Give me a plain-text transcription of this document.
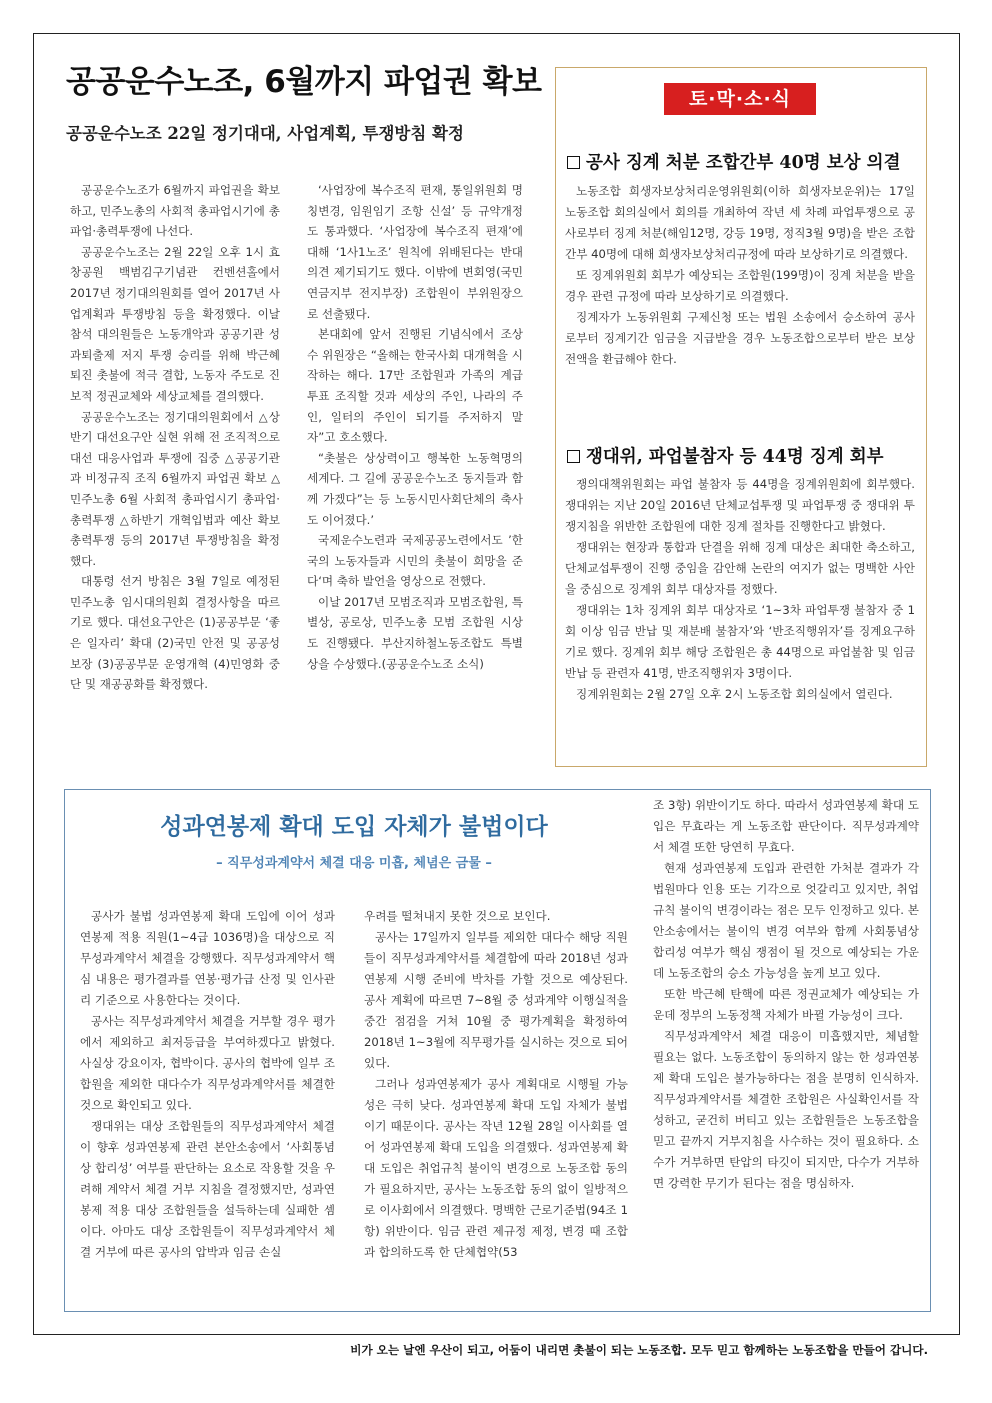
공공운수노조, 6월까지 파업권 확보
공공운수노조 22일 정기대대, 사업계획, 투쟁방침 확정

공공운수노조가 6월까지 파업권을 확보하고, 민주노총의 사회적 총파업시기에 총파업·총력투쟁에 나선다.

공공운수노조는 2월 22일 오후 1시 효창공원 백범김구기념관 컨벤션홀에서 2017년 정기대의원회를 열어 2017년 사업계획과 투쟁방침 등을 확정했다. 이날 참석 대의원들은 노동개악과 공공기관 성과퇴출제 저지 투쟁 승리를 위해 박근혜 퇴진 촛불에 적극 결합, 노동자 주도로 진보적 정권교체와 세상교체를 결의했다.

공공운수노조는 정기대의원회에서 △상반기 대선요구안 실현 위해 전 조직적으로 대선 대응사업과 투쟁에 집중 △공공기관과 비정규직 조직 6월까지 파업권 확보 △민주노총 6월 사회적 총파업시기 총파업·총력투쟁 △하반기 개혁입법과 예산 확보 총력투쟁 등의 2017년 투쟁방침을 확정했다.

대통령 선거 방침은 3월 7일로 예정된 민주노총 임시대의원회 결정사항을 따르기로 했다. 대선요구안은 (1)공공부문 ‘좋은 일자리’ 확대 (2)국민 안전 및 공공성 보장 (3)공공부문 운영개혁 (4)민영화 중단 및 재공공화를 확정했다.

‘사업장에 복수조직 편재, 통일위원회 명칭변경, 임원임기 조항 신설’ 등 규약개정도 통과했다. ‘사업장에 복수조직 편재’에 대해 ‘1사1노조’ 원칙에 위배된다는 반대 의견 제기되기도 했다. 이밖에 변회영(국민연금지부 전지부장) 조합원이 부위원장으로 선출됐다.

본대회에 앞서 진행된 기념식에서 조상수 위원장은 “올해는 한국사회 대개혁을 시작하는 해다. 17만 조합원과 가족의 계급투표 조직할 것과 세상의 주인, 나라의 주인, 일터의 주인이 되기를 주저하지 말자”고 호소했다.

“촛불은 상상력이고 행복한 노동혁명의 세계다. 그 길에 공공운수노조 동지들과 함께 가겠다”는 등 노동시민사회단체의 축사도 이어졌다.’

국제운수노련과 국제공공노련에서도 ’한국의 노동자들과 시민의 촛불이 희망을 준다‘며 축하 발언을 영상으로 전했다.

이날 2017년 모범조직과 모범조합원, 특별상, 공로상, 민주노총 모범 조합원 시상도 진행됐다. 부산지하철노동조합도 특별상을 수상했다.(공공운수노조 소식)

토·막·소·식
공사 징계 처분 조합간부 40명 보상 의결

노동조합 희생자보상처리운영위원회(이하 희생자보운위)는 17일 노동조합 회의실에서 회의를 개최하여 작년 세 차례 파업투쟁으로 공사로부터 징계 처분(해임12명, 강등 19명, 정직3월 9명)을 받은 조합간부 40명에 대해 희생자보상처리규정에 따라 보상하기로 의결했다.

또 징계위원회 회부가 예상되는 조합원(199명)이 징계 처분을 받을 경우 관련 규정에 따라 보상하기로 의결했다.

징계자가 노동위원회 구제신청 또는 법원 소송에서 승소하여 공사로부터 징계기간 임금을 지급받을 경우 노동조합으로부터 받은 보상 전액을 환급해야 한다.

쟁대위, 파업불참자 등 44명 징계 회부

쟁의대책위원회는 파업 불참자 등 44명을 징계위원회에 회부했다. 쟁대위는 지난 20일 2016년 단체교섭투쟁 및 파업투쟁 중 쟁대위 투쟁지침을 위반한 조합원에 대한 징계 절차를 진행한다고 밝혔다.

쟁대위는 현장과 통합과 단결을 위해 징계 대상은 최대한 축소하고, 단체교섭투쟁이 진행 중임을 감안해 논란의 여지가 없는 명백한 사안을 중심으로 징계위 회부 대상자를 정했다.

쟁대위는 1차 징계위 회부 대상자로 ‘1~3차 파업투쟁 불참자 중 1회 이상 임금 반납 및 재분배 불참자’와 ‘반조직행위자’를 징계요구하기로 했다. 징계위 회부 해당 조합원은 총 44명으로 파업불참 및 임금 반납 등 관련자 41명, 반조직행위자 3명이다.

징계위원회는 2월 27일 오후 2시 노동조합 회의실에서 열린다.

성과연봉제 확대 도입 자체가 불법이다
– 직무성과계약서 체결 대응 미흡, 체념은 금물 –

공사가 불법 성과연봉제 확대 도입에 이어 성과연봉제 적용 직원(1~4급 1036명)을 대상으로 직무성과계약서 체결을 강행했다. 직무성과계약서 핵심 내용은 평가결과를 연봉·평가급 산정 및 인사관리 기준으로 사용한다는 것이다.

공사는 직무성과계약서 체결을 거부할 경우 평가에서 제외하고 최저등급을 부여하겠다고 밝혔다. 사실상 강요이자, 협박이다. 공사의 협박에 일부 조합원을 제외한 대다수가 직무성과계약서를 체결한 것으로 확인되고 있다.

쟁대위는 대상 조합원들의 직무성과계약서 체결이 향후 성과연봉제 관련 본안소송에서 ‘사회통념상 합리성’ 여부를 판단하는 요소로 작용할 것을 우려해 계약서 체결 거부 지침을 결정했지만, 성과연봉제 적용 대상 조합원들을 설득하는데 실패한 셈이다. 아마도 대상 조합원들이 직무성과계약서 체결 거부에 따른 공사의 압박과 임금 손실

우려를 떨쳐내지 못한 것으로 보인다.

공사는 17일까지 일부를 제외한 대다수 해당 직원들이 직무성과계약서를 체결함에 따라 2018년 성과연봉제 시행 준비에 박차를 가할 것으로 예상된다. 공사 계획에 따르면 7~8월 중 성과계약 이행실적을 중간 점검을 거쳐 10월 중 평가계획을 확정하여 2018년 1~3월에 직무평가를 실시하는 것으로 되어 있다.

그러나 성과연봉제가 공사 계획대로 시행될 가능성은 극히 낮다. 성과연봉제 확대 도입 자체가 불법이기 때문이다. 공사는 작년 12월 28일 이사회를 열어 성과연봉제 확대 도입을 의결했다. 성과연봉제 확대 도입은 취업규칙 불이익 변경으로 노동조합 동의가 필요하지만, 공사는 노동조합 동의 없이 일방적으로 이사회에서 의결했다. 명백한 근로기준법(94조 1항) 위반이다. 임금 관련 제규정 제정, 변경 때 조합과 합의하도록 한 단체협약(53

조 3항) 위반이기도 하다. 따라서 성과연봉제 확대 도입은 무효라는 게 노동조합 판단이다. 직무성과계약서 체결 또한 당연히 무효다.

현재 성과연봉제 도입과 관련한 가처분 결과가 각 법원마다 인용 또는 기각으로 엇갈리고 있지만, 취업규칙 불이익 변경이라는 점은 모두 인정하고 있다. 본안소송에서는 불이익 변경 여부와 함께 사회통념상 합리성 여부가 핵심 쟁점이 될 것으로 예상되는 가운데 노동조합의 승소 가능성을 높게 보고 있다.

또한 박근혜 탄핵에 따른 정권교체가 예상되는 가운데 정부의 노동정책 자체가 바뀔 가능성이 크다.

직무성과계약서 체결 대응이 미흡했지만, 체념할 필요는 없다. 노동조합이 동의하지 않는 한 성과연봉제 확대 도입은 불가능하다는 점을 분명히 인식하자. 직무성과계약서를 체결한 조합원은 사실확인서를 작성하고, 굳건히 버티고 있는 조합원들은 노동조합을 믿고 끝까지 거부지침을 사수하는 것이 필요하다. 소수가 거부하면 탄압의 타깃이 되지만, 다수가 거부하면 강력한 무기가 된다는 점을 명심하자.

비가 오는 날엔 우산이 되고, 어둠이 내리면 촛불이 되는 노동조합. 모두 믿고 함께하는 노동조합을 만들어 갑니다.
